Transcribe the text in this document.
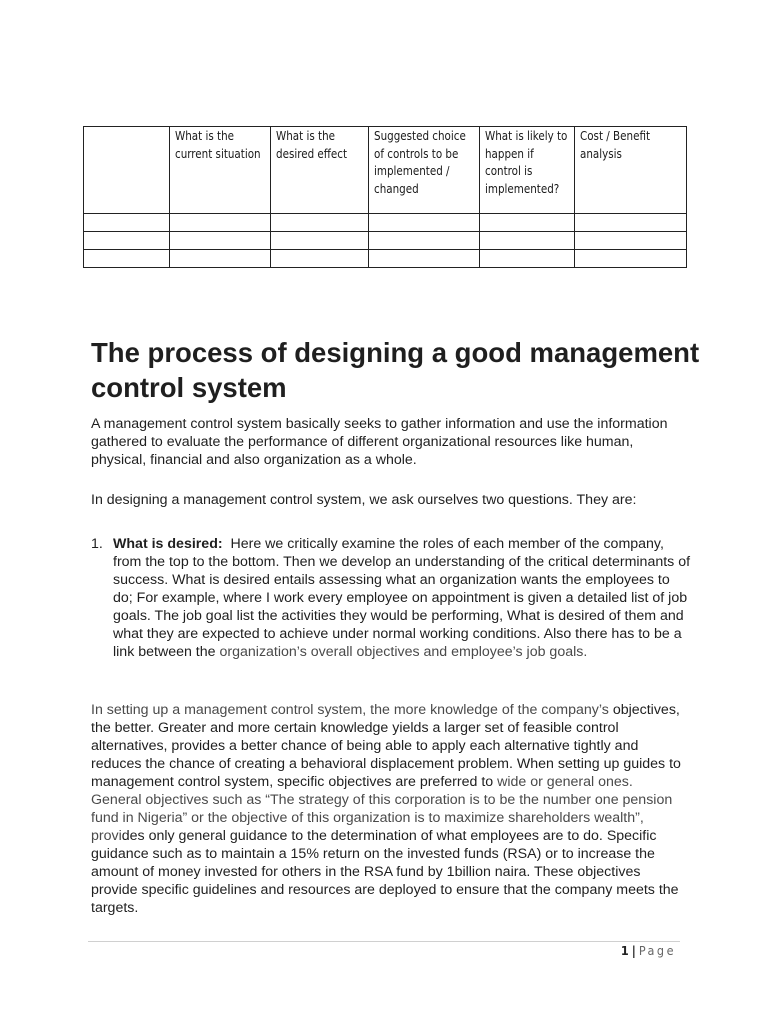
	What is the current situation	What is the desired effect	Suggested choice of controls to be implemented / changed	What is likely to happen if control is implemented?	Cost / Benefit analysis

The process of designing a good management control system

A management control system basically seeks to gather information and use the information gathered to evaluate the performance of different organizational resources like human, physical, financial and also organization as a whole.

In designing a management control system, we ask ourselves two questions. They are:

1. What is desired: Here we critically examine the roles of each member of the company, from the top to the bottom. Then we develop an understanding of the critical determinants of success. What is desired entails assessing what an organization wants the employees to do; For example, where I work every employee on appointment is given a detailed list of job goals. The job goal list the activities they would be performing, What is desired of them and what they are expected to achieve under normal working conditions. Also there has to be a link between the organization’s overall objectives and employee’s job goals.

In setting up a management control system, the more knowledge of the company’s objectives, the better. Greater and more certain knowledge yields a larger set of feasible control alternatives, provides a better chance of being able to apply each alternative tightly and reduces the chance of creating a behavioral displacement problem. When setting up guides to management control system, specific objectives are preferred to wide or general ones. General objectives such as “The strategy of this corporation is to be the number one pension fund in Nigeria” or the objective of this organization is to maximize shareholders wealth”, provides only general guidance to the determination of what employees are to do. Specific guidance such as to maintain a 15% return on the invested funds (RSA) or to increase the amount of money invested for others in the RSA fund by 1billion naira. These objectives provide specific guidelines and resources are deployed to ensure that the company meets the targets.

1 | Page
